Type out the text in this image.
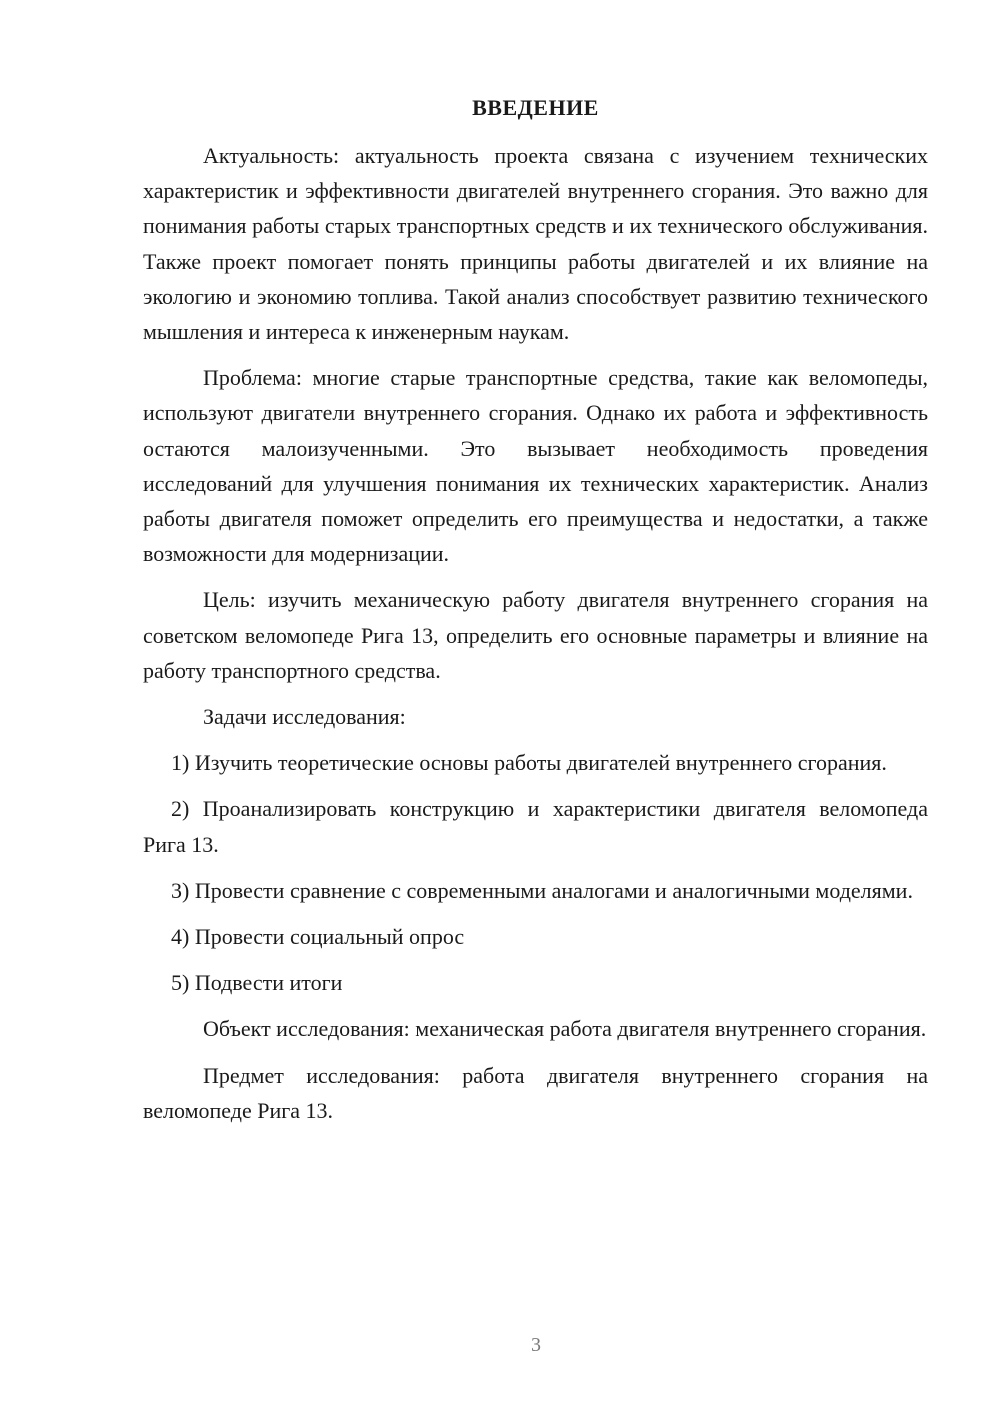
ВВЕДЕНИЕ

Актуальность: актуальность проекта связана с изучением технических характеристик и эффективности двигателей внутреннего сгорания. Это важно для понимания работы старых транспортных средств и их технического обслуживания. Также проект помогает понять принципы работы двигателей и их влияние на экологию и экономию топлива. Такой анализ способствует развитию технического мышления и интереса к инженерным наукам.

Проблема: многие старые транспортные средства, такие как веломопеды, используют двигатели внутреннего сгорания. Однако их работа и эффективность остаются малоизученными. Это вызывает необходимость проведения исследований для улучшения понимания их технических характеристик. Анализ работы двигателя поможет определить его преимущества и недостатки, а также возможности для модернизации.

Цель: изучить механическую работу двигателя внутреннего сгорания на советском веломопеде Рига 13, определить его основные параметры и влияние на работу транспортного средства.

Задачи исследования:

1) Изучить теоретические основы работы двигателей внутреннего сгорания.

2) Проанализировать конструкцию и характеристики двигателя веломопеда Рига 13.

3) Провести сравнение с современными аналогами и аналогичными моделями.

4) Провести социальный опрос

5) Подвести итоги

Объект исследования: механическая работа двигателя внутреннего сгорания.

Предмет исследования: работа двигателя внутреннего сгорания на веломопеде Рига 13.

3
